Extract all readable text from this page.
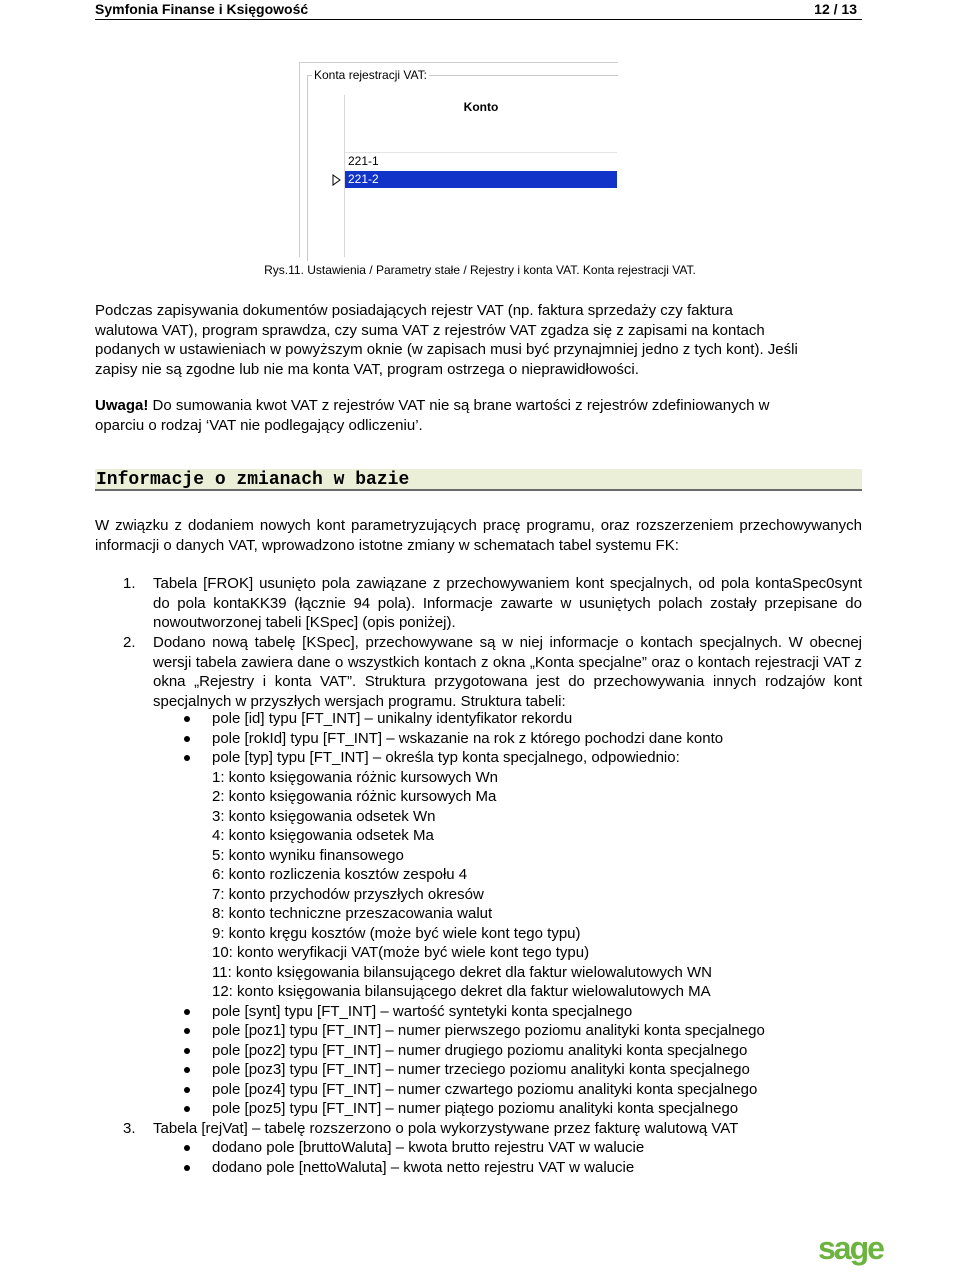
Symfonia Finanse i Księgowość	12 / 13
Konta rejestracji VAT:
Konto
221-1
221-2
Rys.11. Ustawienia / Parametry stałe / Rejestry i konta VAT. Konta rejestracji VAT.
Podczas zapisywania dokumentów posiadających rejestr VAT (np. faktura sprzedaży czy faktura
walutowa VAT), program sprawdza, czy suma VAT z rejestrów VAT zgadza się z zapisami na kontach
podanych w ustawieniach w powyższym oknie (w zapisach musi być przynajmniej jedno z tych kont). Jeśli
zapisy nie są zgodne lub nie ma konta VAT, program ostrzega o nieprawidłowości.
Uwaga! Do sumowania kwot VAT z rejestrów VAT nie są brane wartości z rejestrów zdefiniowanych w
oparciu o rodzaj ‘VAT nie podlegający odliczeniu’.
Informacje o zmianach w bazie
W związku z dodaniem nowych kont parametryzujących pracę programu, oraz rozszerzeniem przechowywanych informacji o danych VAT, wprowadzono istotne zmiany w schematach tabel systemu FK:
1. Tabela [FROK] usunięto pola zawiązane z przechowywaniem kont specjalnych, od pola kontaSpec0synt do pola kontaKK39 (łącznie 94 pola). Informacje zawarte w usuniętych polach zostały przepisane do nowoutworzonej tabeli [KSpec] (opis poniżej).
2. Dodano nową tabelę [KSpec], przechowywane są w niej informacje o kontach specjalnych. W obecnej wersji tabela zawiera dane o wszystkich kontach z okna „Konta specjalne” oraz o kontach rejestracji VAT z okna „Rejestry i konta VAT”. Struktura przygotowana jest do przechowywania innych rodzajów kont specjalnych w przyszłych wersjach programu. Struktura tabeli:
pole [id] typu [FT_INT] – unikalny identyfikator rekordu
pole [rokId] typu [FT_INT] – wskazanie na rok z którego pochodzi dane konto
pole [typ] typu [FT_INT] – określa typ konta specjalnego, odpowiednio:
1: konto księgowania różnic kursowych Wn
2: konto księgowania różnic kursowych Ma
3: konto księgowania odsetek Wn
4: konto księgowania odsetek Ma
5: konto wyniku finansowego
6: konto rozliczenia kosztów zespołu 4
7: konto przychodów przyszłych okresów
8: konto techniczne przeszacowania walut
9: konto kręgu kosztów (może być wiele kont tego typu)
10: konto weryfikacji VAT(może być wiele kont tego typu)
11: konto księgowania bilansującego dekret dla faktur wielowalutowych WN
12: konto księgowania bilansującego dekret dla faktur wielowalutowych MA
pole [synt] typu [FT_INT] – wartość syntetyki konta specjalnego
pole [poz1] typu [FT_INT] – numer pierwszego poziomu analityki konta specjalnego
pole [poz2] typu [FT_INT] – numer drugiego poziomu analityki konta specjalnego
pole [poz3] typu [FT_INT] – numer trzeciego poziomu analityki konta specjalnego
pole [poz4] typu [FT_INT] – numer czwartego poziomu analityki konta specjalnego
pole [poz5] typu [FT_INT] – numer piątego poziomu analityki konta specjalnego
3. Tabela [rejVat] – tabelę rozszerzono o pola wykorzystywane przez fakturę walutową VAT
dodano pole [bruttoWaluta] – kwota brutto rejestru VAT w walucie
dodano pole [nettoWaluta] – kwota netto rejestru VAT w walucie
sage
